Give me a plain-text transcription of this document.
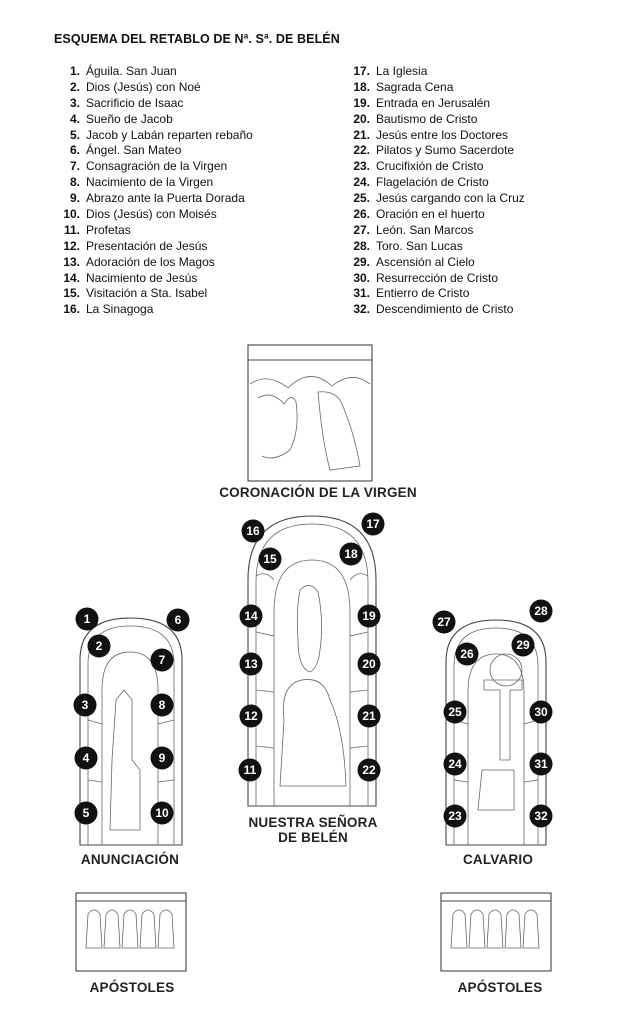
ESQUEMA DEL RETABLO DE Nª. Sª. DE BELÉN
1. Águila. San Juan
2. Dios (Jesús) con Noé
3. Sacrificio de Isaac
4. Sueño de Jacob
5. Jacob y Labán reparten rebaño
6. Ángel. San Mateo
7. Consagración de la Virgen
8. Nacimiento de la Virgen
9. Abrazo ante la Puerta Dorada
10. Dios (Jesús) con Moisés
11. Profetas
12. Presentación de Jesús
13. Adoración de los Magos
14. Nacimiento de Jesús
15. Visitación a Sta. Isabel
16. La Sinagoga
17. La Iglesia
18. Sagrada Cena
19. Entrada en Jerusalén
20. Bautismo de Cristo
21. Jesús entre los Doctores
22. Pilatos y Sumo Sacerdote
23. Crucifixión de Cristo
24. Flagelación de Cristo
25. Jesús cargando con la Cruz
26. Oración en el huerto
27. León. San Marcos
28. Toro. San Lucas
29. Ascensión al Cielo
30. Resurrección de Cristo
31. Entierro de Cristo
32. Descendimiento de Cristo
CORONACIÓN DE LA VIRGEN
NUESTRA SEÑORA
DE BELÉN
ANUNCIACIÓN	CALVARIO
APÓSTOLES	APÓSTOLES
1
2
3
4
5
6
7
8
9
10
11
12
13
14
15
16	17
18
19
20
21
22
23
24
25
26
27
28
29
30
31
32
